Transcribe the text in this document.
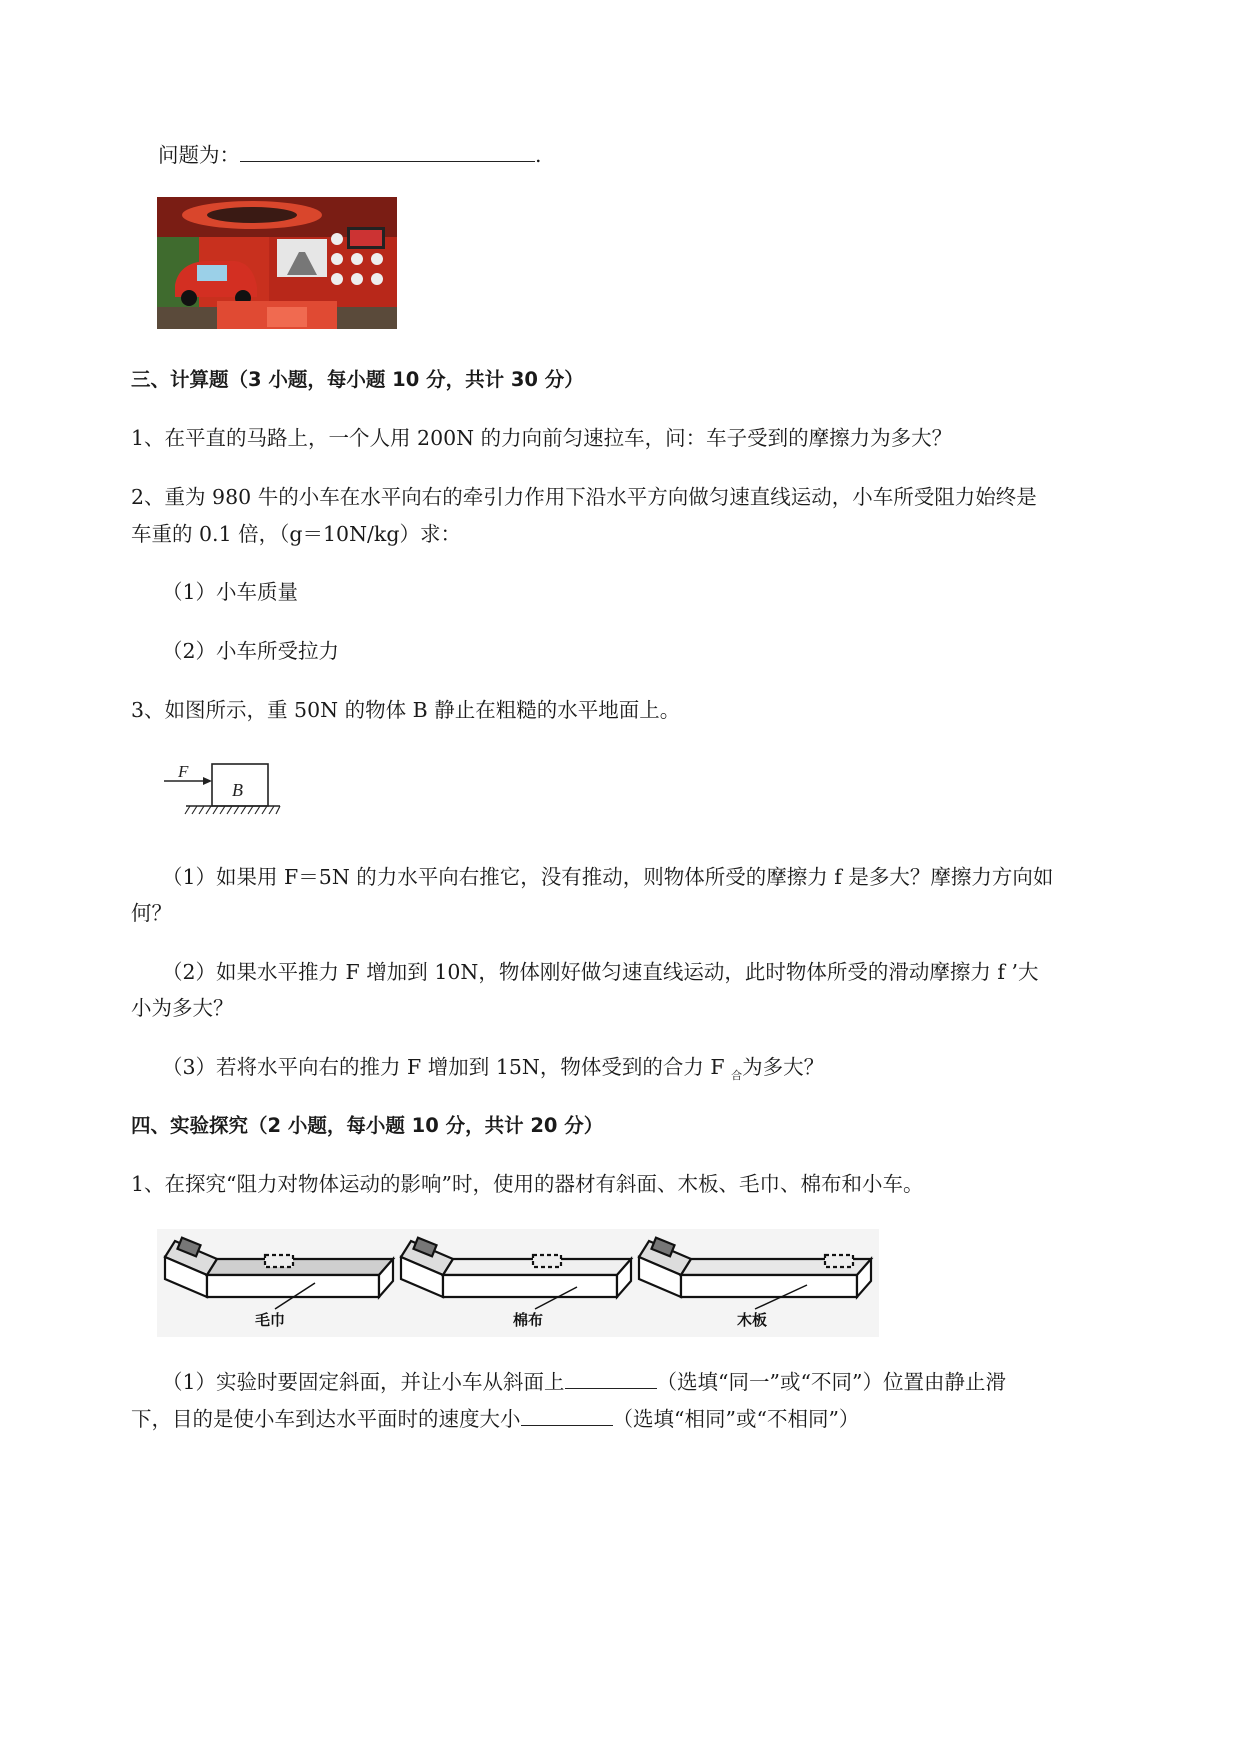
问题为：	.
三、计算题（3 小题，每小题 10 分，共计 30 分）
1、在平直的马路上，一个人用 200N 的力向前匀速拉车，问：车子受到的摩擦力为多大？
2、重为 980 牛的小车在水平向右的牵引力作用下沿水平方向做匀速直线运动，小车所受阻力始终是
车重的 0.1 倍，（g＝10N/kg）求：
（1）小车质量
（2）小车所受拉力
3、如图所示，重 50N 的物体 B 静止在粗糙的水平地面上。
F
B
（1）如果用 F＝5N 的力水平向右推它，没有推动，则物体所受的摩擦力 f 是多大？摩擦力方向如
何？
（2）如果水平推力 F 增加到 10N，物体刚好做匀速直线运动，此时物体所受的滑动摩擦力 f ’大
小为多大？
（3）若将水平向右的推力 F 增加到 15N，物体受到的合力 F $_合$为多大？
四、实验探究（2 小题，每小题 10 分，共计 20 分）
1、在探究“阻力对物体运动的影响”时，使用的器材有斜面、木板、毛巾、棉布和小车。
毛巾	棉布	木板
（1）实验时要固定斜面，并让小车从斜面上	（选填“同一”或“不同”）位置由静止滑
下，目的是使小车到达水平面时的速度大小	（选填“相同”或“不相同”）
